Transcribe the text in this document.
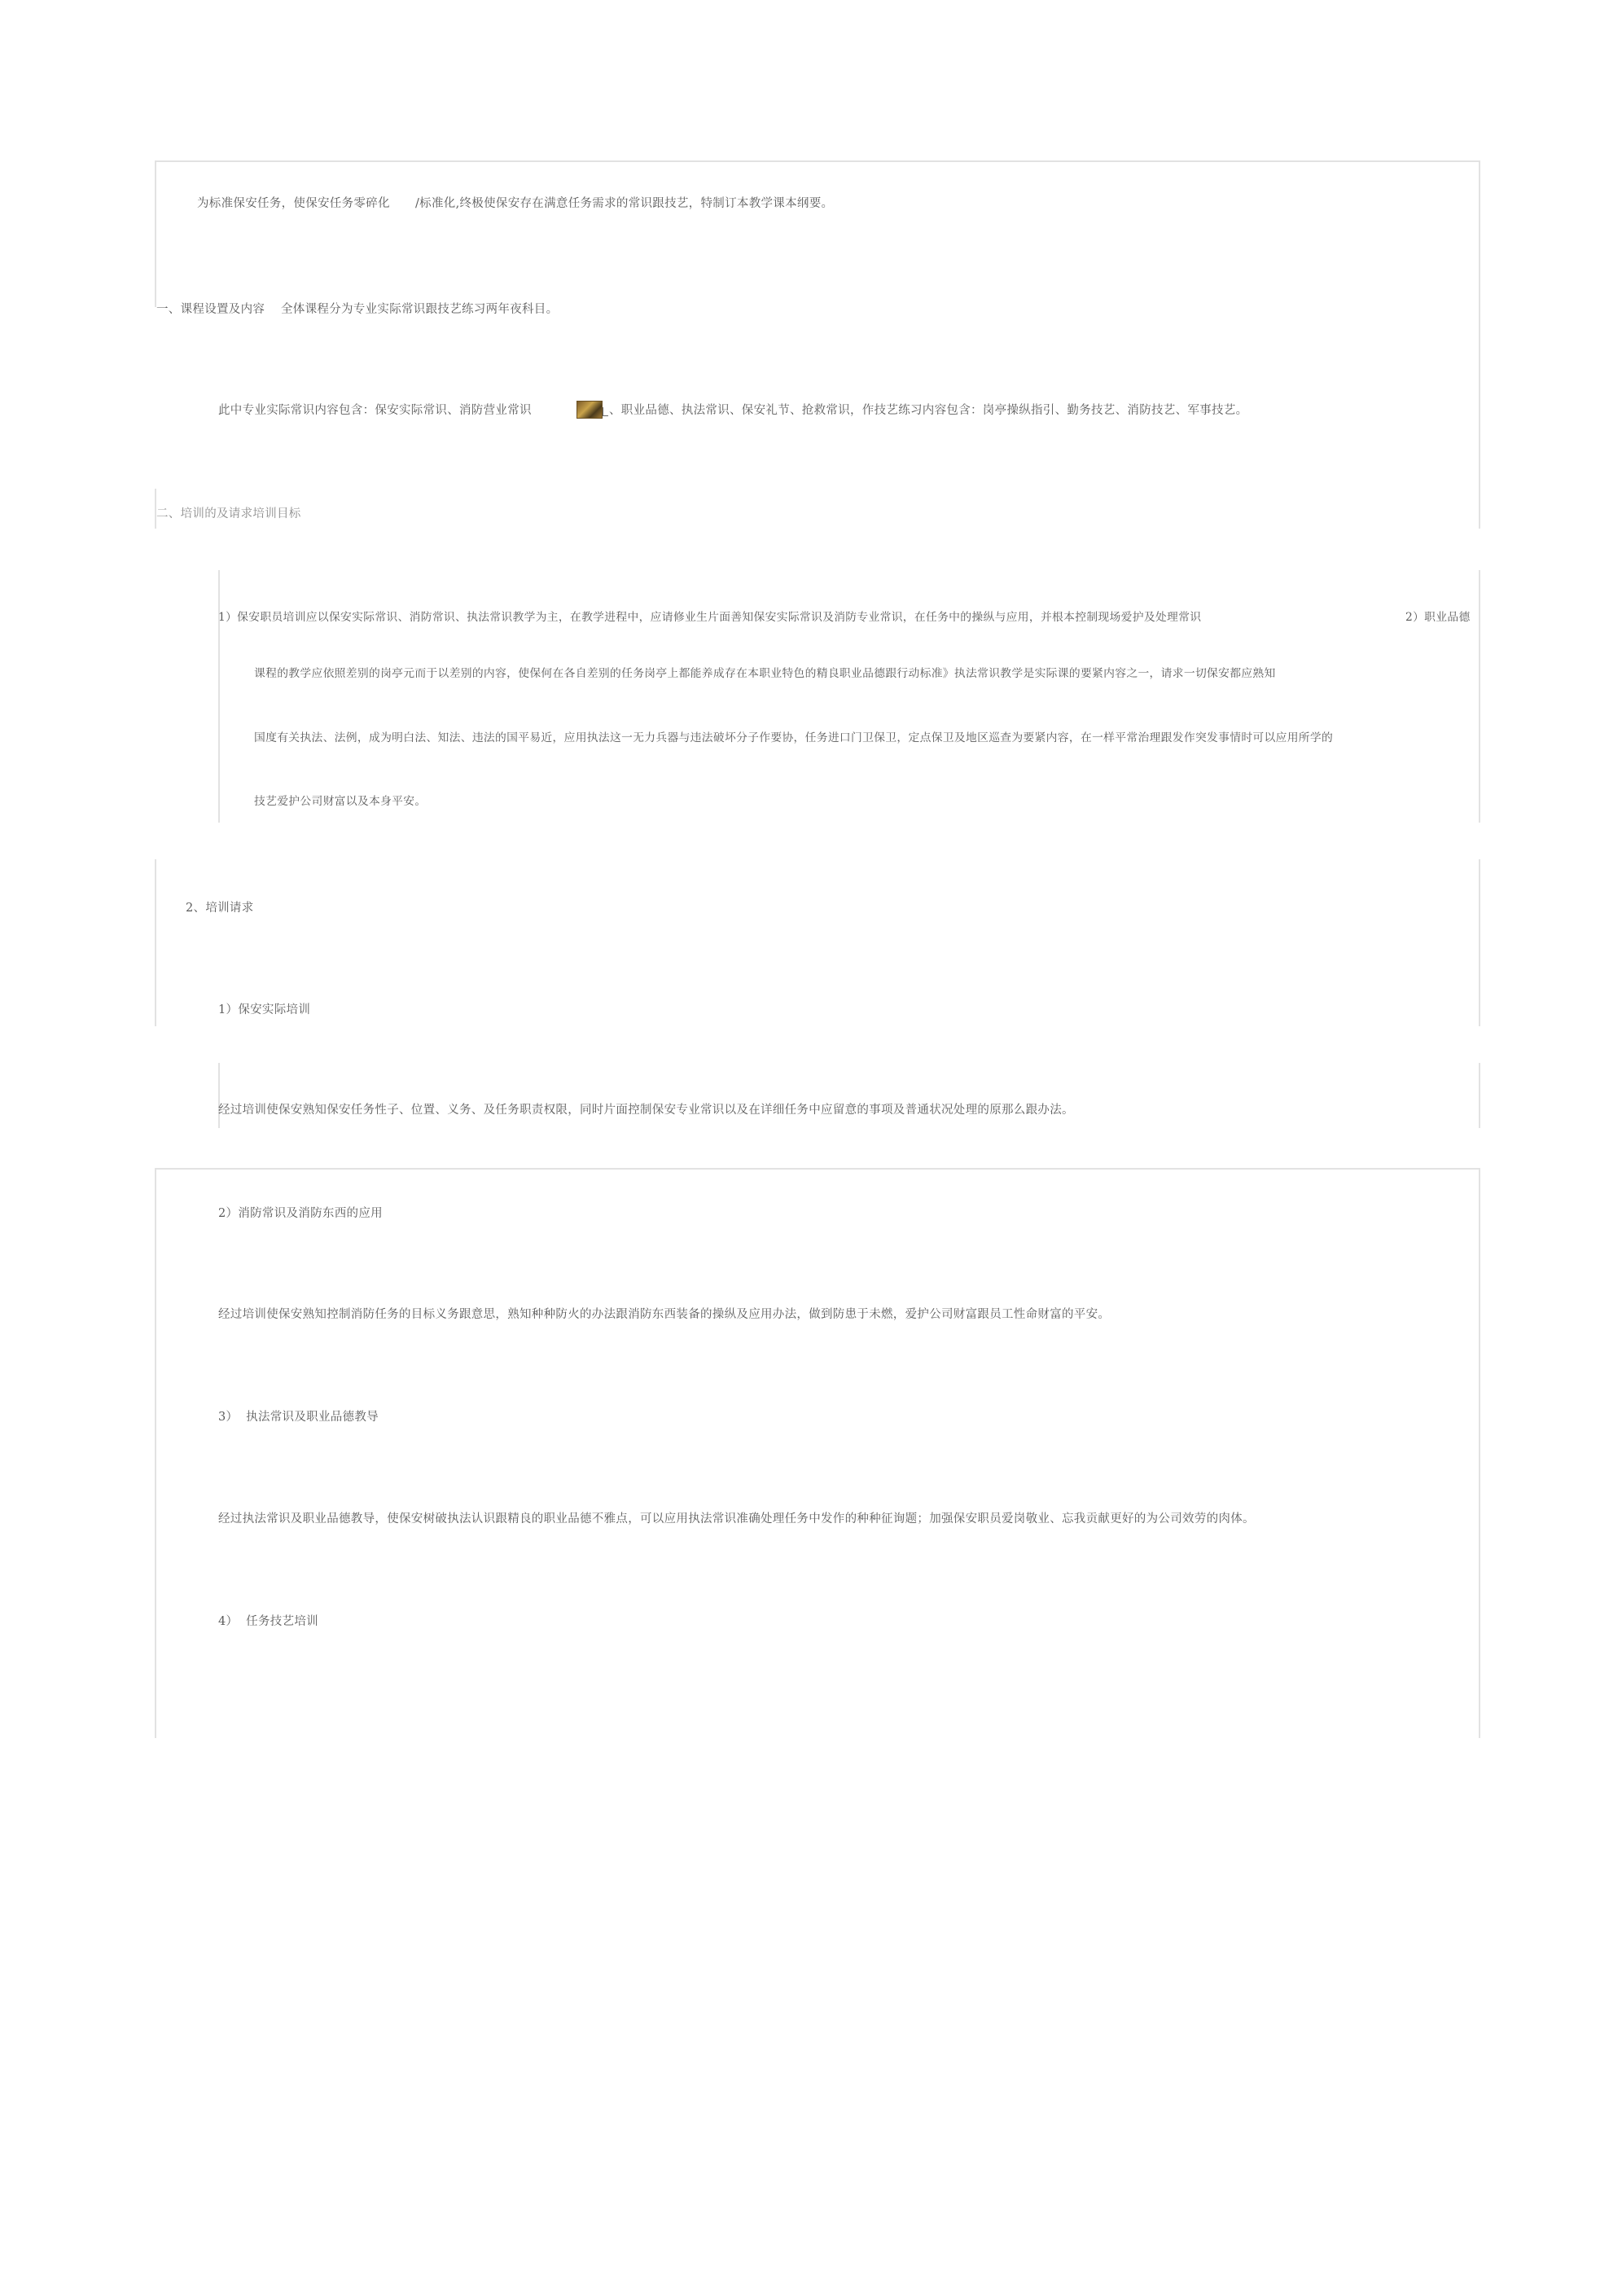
为标准保安任务，使保安任务零碎化 /标准化,终极使保安存在满意任务需求的常识跟技艺，特制订本教学课本纲要。
一、课程设置及内容 全体课程分为专业实际常识跟技艺练习两年夜科目。
此中专业实际常识内容包含：保安实际常识、消防营业常识	、职业品德、执法常识、保安礼节、抢救常识，作技艺练习内容包含：岗亭操纵指引、勤务技艺、消防技艺、军事技艺。
二、培训的及请求培训目标
1）保安职员培训应以保安实际常识、消防常识、执法常识教学为主，在教学进程中，应请修业生片面善知保安实际常识及消防专业常识，在任务中的操纵与应用，并根本控制现场爱护及处理常识	2）职业品德
课程的教学应依照差别的岗亭元而于以差别的内容，使保何在各自差别的任务岗亭上都能养成存在本职业特色的精良职业品德跟行动标准》执法常识教学是实际课的要紧内容之一，请求一切保安都应熟知
国度有关执法、法例，成为明白法、知法、违法的国平易近，应用执法这一无力兵器与违法破坏分子作要协，任务进口门卫保卫，定点保卫及地区巡查为要紧内容，在一样平常治理跟发作突发事情时可以应用所学的
技艺爱护公司财富以及本身平安。
2、培训请求
1）保安实际培训
经过培训使保安熟知保安任务性子、位置、义务、及任务职责权限，同时片面控制保安专业常识以及在详细任务中应留意的事项及普通状况处理的原那么跟办法。
2）消防常识及消防东西的应用
经过培训使保安熟知控制消防任务的目标义务跟意思，熟知种种防火的办法跟消防东西装备的操纵及应用办法，做到防患于未燃，爱护公司财富跟员工性命财富的平安。
3）  执法常识及职业品德教导
经过执法常识及职业品德教导，使保安树破执法认识跟精良的职业品德不雅点，可以应用执法常识准确处理任务中发作的种种征询题；加强保安职员爱岗敬业、忘我贡献更好的为公司效劳的肉体。
4）  任务技艺培训
